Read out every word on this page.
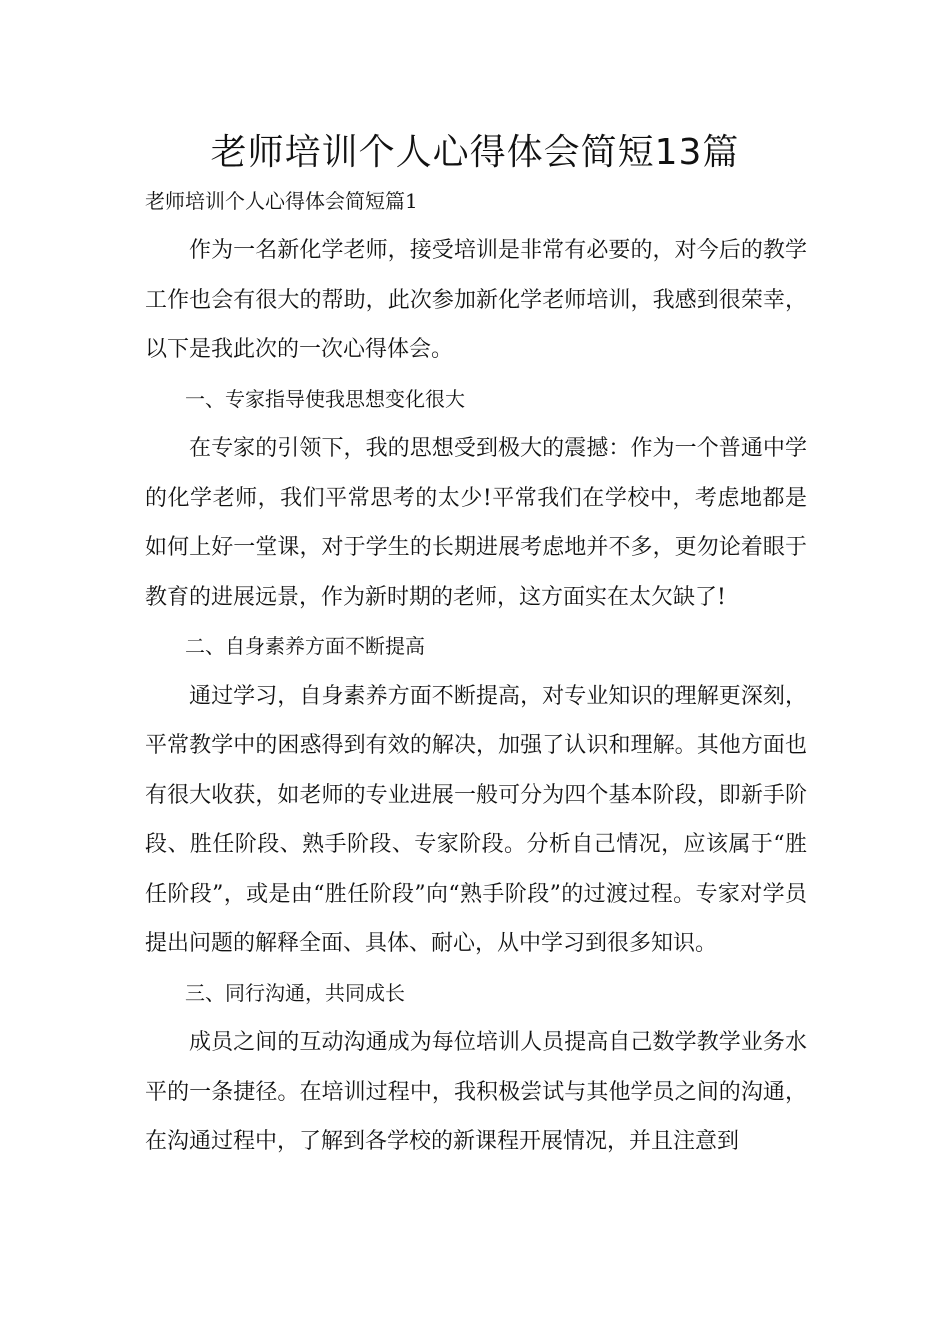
老师培训个人心得体会简短13篇
老师培训个人心得体会简短篇1

作为一名新化学老师，接受培训是非常有必要的，对今后的教学工作也会有很大的帮助，此次参加新化学老师培训，我感到很荣幸，以下是我此次的一次心得体会。

一、专家指导使我思想变化很大

在专家的引领下，我的思想受到极大的震撼：作为一个普通中学的化学老师，我们平常思考的太少!平常我们在学校中，考虑地都是如何上好一堂课，对于学生的长期进展考虑地并不多，更勿论着眼于教育的进展远景，作为新时期的老师，这方面实在太欠缺了!

二、自身素养方面不断提高

通过学习，自身素养方面不断提高，对专业知识的理解更深刻，平常教学中的困惑得到有效的解决，加强了认识和理解。其他方面也有很大收获，如老师的专业进展一般可分为四个基本阶段，即新手阶段、胜任阶段、熟手阶段、专家阶段。分析自己情况，应该属于“胜任阶段”，或是由“胜任阶段”向“熟手阶段”的过渡过程。专家对学员提出问题的解释全面、具体、耐心，从中学习到很多知识。

三、同行沟通，共同成长

成员之间的互动沟通成为每位培训人员提高自己数学教学业务水平的一条捷径。在培训过程中，我积极尝试与其他学员之间的沟通，在沟通过程中，了解到各学校的新课程开展情况，并且注意到
